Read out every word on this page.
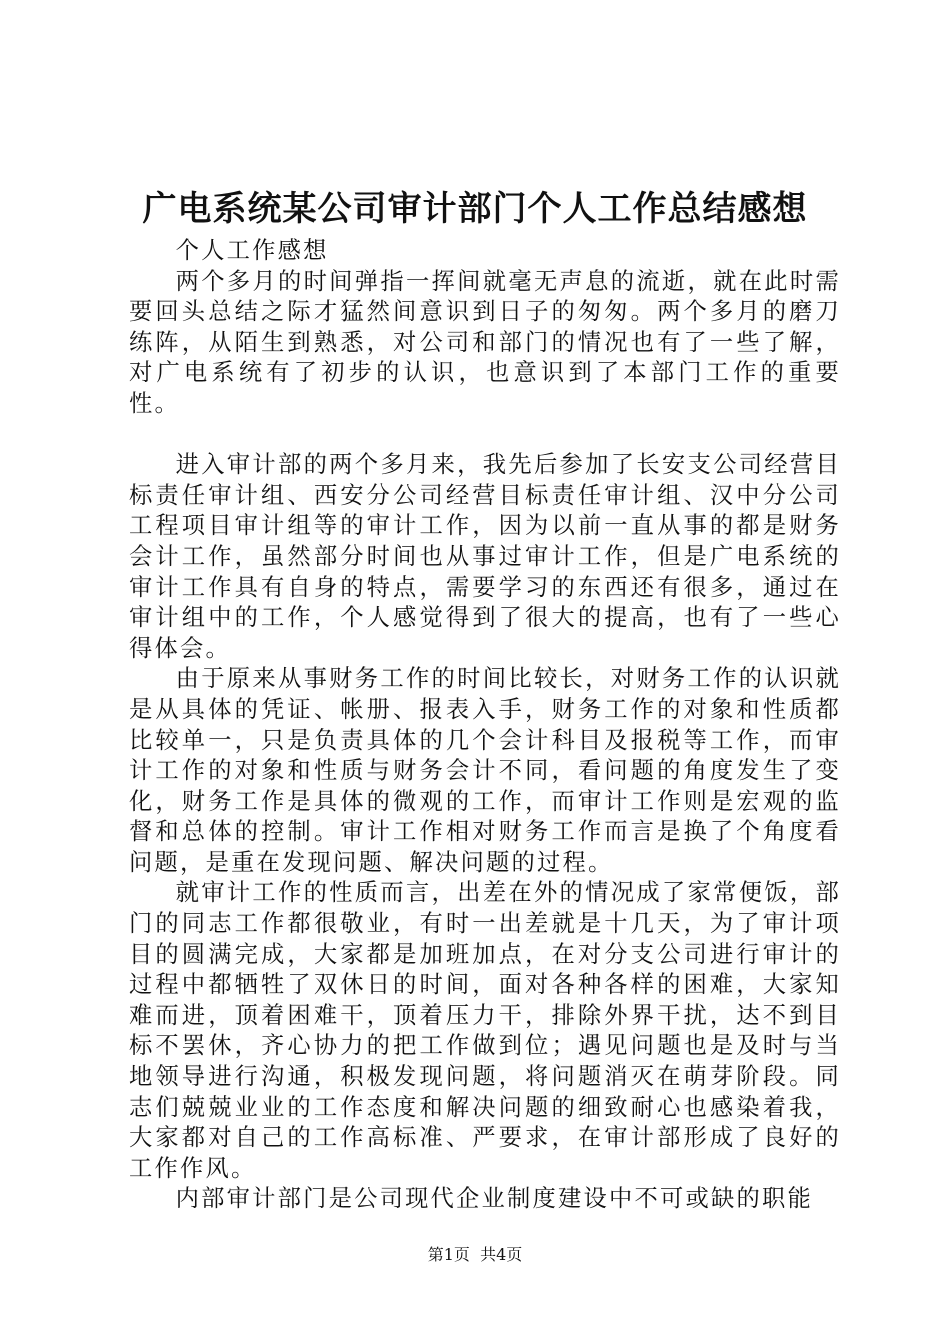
广电系统某公司审计部门个人工作总结感想

个人工作感想

两个多月的时间弹指一挥间就毫无声息的流逝，就在此时需要回头总结之际才猛然间意识到日子的匆匆。两个多月的磨刀练阵，从陌生到熟悉，对公司和部门的情况也有了一些了解，对广电系统有了初步的认识，也意识到了本部门工作的重要性。

进入审计部的两个多月来，我先后参加了长安支公司经营目标责任审计组、西安分公司经营目标责任审计组、汉中分公司工程项目审计组等的审计工作，因为以前一直从事的都是财务会计工作，虽然部分时间也从事过审计工作，但是广电系统的审计工作具有自身的特点，需要学习的东西还有很多，通过在审计组中的工作，个人感觉得到了很大的提高，也有了一些心得体会。

由于原来从事财务工作的时间比较长，对财务工作的认识就是从具体的凭证、帐册、报表入手，财务工作的对象和性质都比较单一，只是负责具体的几个会计科目及报税等工作，而审计工作的对象和性质与财务会计不同，看问题的角度发生了变化，财务工作是具体的微观的工作，而审计工作则是宏观的监督和总体的控制。审计工作相对财务工作而言是换了个角度看问题，是重在发现问题、解决问题的过程。

就审计工作的性质而言，出差在外的情况成了家常便饭，部门的同志工作都很敬业，有时一出差就是十几天，为了审计项目的圆满完成，大家都是加班加点，在对分支公司进行审计的过程中都牺牲了双休日的时间，面对各种各样的困难，大家知难而进，顶着困难干，顶着压力干，排除外界干扰，达不到目标不罢休，齐心协力的把工作做到位；遇见问题也是及时与当地领导进行沟通，积极发现问题，将问题消灭在萌芽阶段。同志们兢兢业业的工作态度和解决问题的细致耐心也感染着我，大家都对自己的工作高标准、严要求，在审计部形成了良好的工作作风。

内部审计部门是公司现代企业制度建设中不可或缺的职能

第1页 共4页
